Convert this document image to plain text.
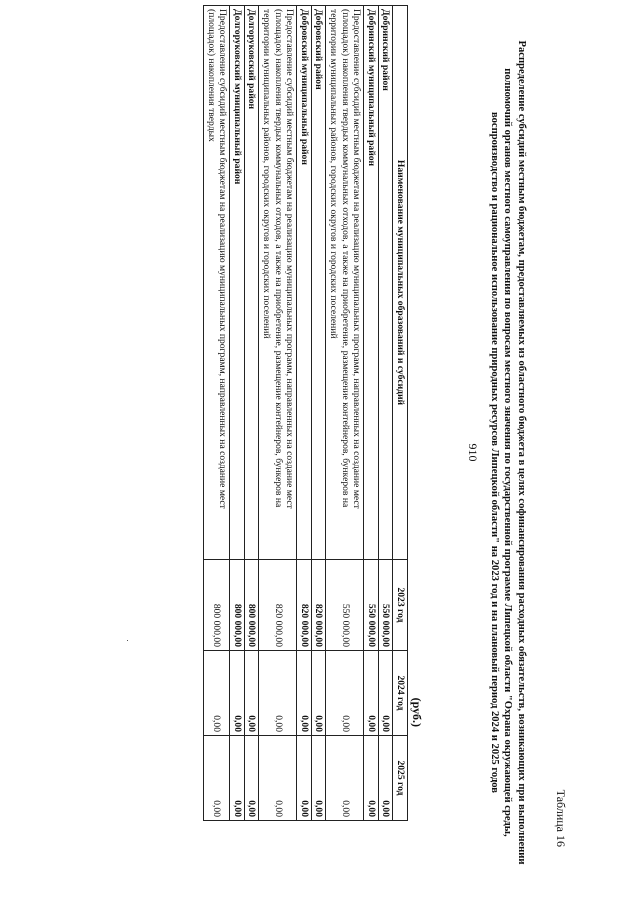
910
Таблица 16
Распределение субсидий местным бюджетам, предоставляемых из областного бюджета в целях софинансирования расходных обязательств, возникающих при выполнении полномочий органов местного самоуправления по вопросам местного значения по государственной программе Липецкой области "Охрана окружающей среды, воспроизводство и рациональное использование природных ресурсов Липецкой области" на 2023 год и на плановый период 2024 и 2025 годов
(руб.)
Наименование муниципальных образований и субсидий	2023 год	2024 год	2025 год
Добринский район	550 000,00	0,00	0,00
Добринский муниципальный район	550 000,00	0,00	0,00
Предоставление субсидий местным бюджетам на реализацию муниципальных программ, направленных на создание мест (площадок) накопления твердых коммунальных отходов, а также на приобретение, размещение контейнеров, бункеров на территории муниципальных районов, городских округов и городских поселений	550 000,00	0,00	0,00
Добровский район	820 000,00	0,00	0,00
Добровский муниципальный район	820 000,00	0,00	0,00
Предоставление субсидий местным бюджетам на реализацию муниципальных программ, направленных на создание мест (площадок) накопления твердых коммунальных отходов, а также на приобретение, размещение контейнеров, бункеров на территории муниципальных районов, городских округов и городских поселений	820 000,00	0,00	0,00
Долгоруковский район	800 000,00	0,00	0,00
Долгоруковский муниципальный район	800 000,00	0,00	0,00
Предоставление субсидий местным бюджетам на реализацию муниципальных программ, направленных на создание мест (площадок) накопления твердых	800 000,00	0,00	0,00
